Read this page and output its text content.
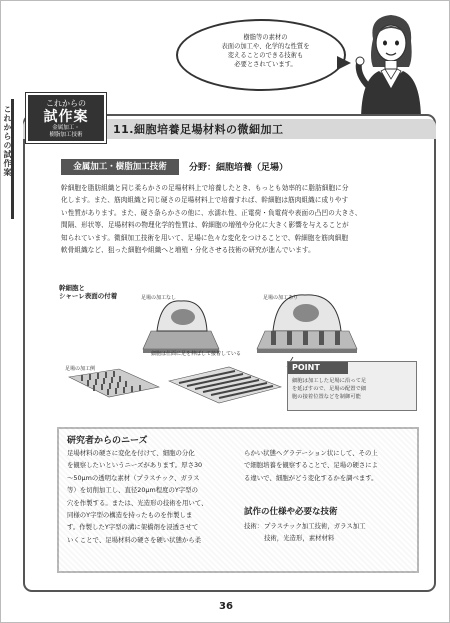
これからの試作案

樹脂等の素材の
表面の加工や、化学的な性質を
変えることのできる技術も
必要とされています。

これからの
試作案
金属加工・
樹脂加工技術	11.細胞培養足場材料の微細加工
金属加工・樹脂加工技術	分野：細胞培養（足場）
幹細胞を脂肪組織と同じ柔らかさの足場材料上で培養したとき、もっとも効率的に脂肪細胞に分
化します。また、筋肉組織と同じ硬さの足場材料上で培養すれば、幹細胞は筋肉組織に成りやす
い性質があります。また、硬さ条らかさの他に、水濡れ性、正電荷・負電荷や表面の凸凹の大きさ、
間隔、形状等、足場材料の物理化学的性質は、幹細胞の増殖や分化に大きく影響を与えることが
知られています。微細加工技術を用いて、足場に色々な変化をつけることで、幹細胞を筋肉細胞
軟骨組織など、狙った細胞や組織へと増殖・分化させる技術の研究が進んでいます。
幹細胞と
シャーレ表面の付着	足場の加工なし	足場の加工あり
細胞は仕面に足を伸ばして接着している
足場の加工例	POINT
細胞は加工した足場に沿って足
を延ばすので、足場の配置で細
胞の接着位置などを制御可能
研究者からのニーズ
足場材料の硬さに変化を付けて、細胞の分化
を観察したいというニーズがあります。厚さ30
〜50μmの透明な素材（プラスチック、ガラス
等）を切削加工し、直径20μm程度のY字型の
穴を作製する。または、光造形の技術を用いて、
同様のY字型の構造を持ったものを作製しま
す。作製したY字型の溝に架橋剤を浸透させて
いくことで、足場材料の硬さを硬い状態から柔
らかい状態へグラデーション状にして、その上
で細胞培養を観察することで、足場の硬さによ
る違いで、細胞がどう変化するかを調べます。
試作の仕様や必要な技術
技術：プラスチック加工技術，ガラス加工
技術，光造形，素材材料
36
